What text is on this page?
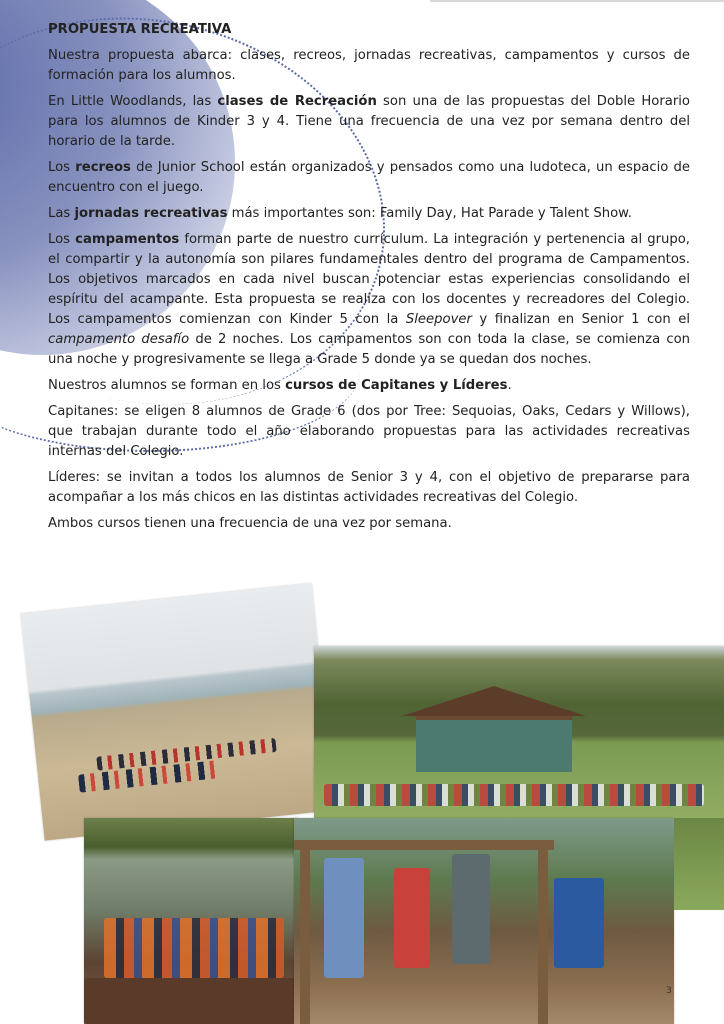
PROPUESTA RECREATIVA

Nuestra propuesta abarca: clases, recreos, jornadas recreativas, campamentos y cursos de formación para los alumnos.

En Little Woodlands, las clases de Recreación son una de las propuestas del Doble Horario para los alumnos de Kinder 3 y 4. Tiene una frecuencia de una vez por semana dentro del horario de la tarde.

Los recreos de Junior School están organizados y pensados como una ludoteca, un espacio de encuentro con el juego.

Las jornadas recreativas más importantes son: Family Day, Hat Parade y Talent Show.

Los campamentos forman parte de nuestro currículum. La integración y pertenencia al grupo, el compartir y la autonomía son pilares fundamentales dentro del programa de Campamentos. Los objetivos marcados en cada nivel buscan potenciar estas experiencias consolidando el espíritu del acampante. Esta propuesta se realiza con los docentes y recreadores del Colegio. Los campamentos comienzan con Kinder 5 con la Sleepover y finalizan en Senior 1 con el campamento desafío de 2 noches. Los campamentos son con toda la clase, se comienza con una noche y progresivamente se llega a Grade 5 donde ya se quedan dos noches.

Nuestros alumnos se forman en los cursos de Capitanes y Líderes.

Capitanes: se eligen 8 alumnos de Grade 6 (dos por Tree: Sequoias, Oaks, Cedars y Willows), que trabajan durante todo el año elaborando propuestas para las actividades recreativas internas del Colegio.

Líderes: se invitan a todos los alumnos de Senior 3 y 4, con el objetivo de prepararse para acompañar a los más chicos en las distintas actividades recreativas del Colegio.

Ambos cursos tienen una frecuencia de una vez por semana.

3
